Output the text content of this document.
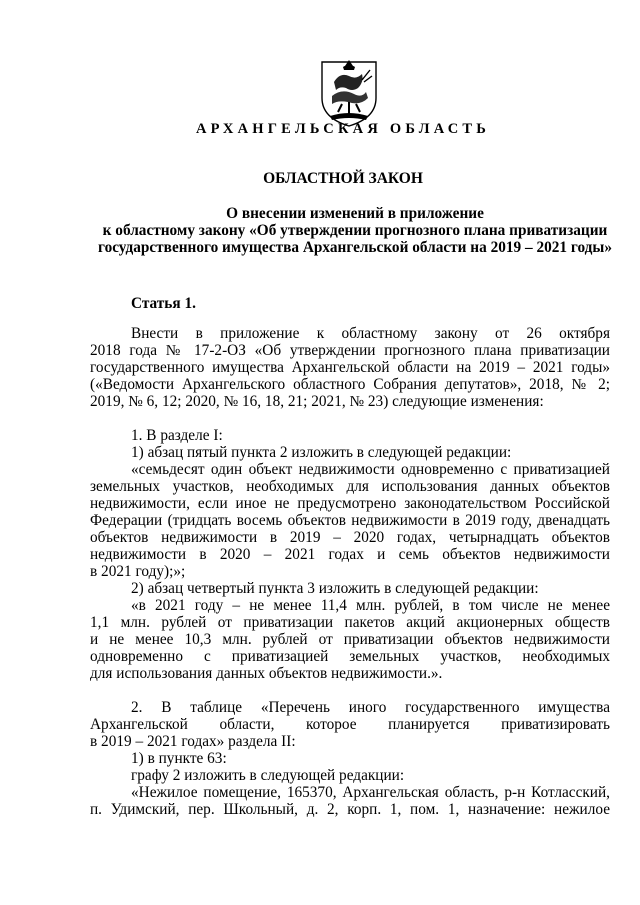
АРХАНГЕЛЬСКАЯ ОБЛАСТЬ
ОБЛАСТНОЙ ЗАКОН
О внесении изменений в приложение
к областному закону «Об утверждении прогнозного плана приватизации
государственного имущества Архангельской области на 2019 – 2021 годы»
Статья 1.
Внести в приложение к областному закону от 26 октября
2018 года № 17-2-ОЗ «Об утверждении прогнозного плана приватизации
государственного имущества Архангельской области на 2019 – 2021 годы»
(«Ведомости Архангельского областного Собрания депутатов», 2018, № 2;
2019, № 6, 12; 2020, № 16, 18, 21; 2021, № 23) следующие изменения:
1. В разделе I:
1) абзац пятый пункта 2 изложить в следующей редакции:
«семьдесят один объект недвижимости одновременно с приватизацией
земельных участков, необходимых для использования данных объектов
недвижимости, если иное не предусмотрено законодательством Российской
Федерации (тридцать восемь объектов недвижимости в 2019 году, двенадцать
объектов недвижимости в 2019 – 2020 годах, четырнадцать объектов
недвижимости в 2020 – 2021 годах и семь объектов недвижимости
в 2021 году);»;
2) абзац четвертый пункта 3 изложить в следующей редакции:
«в 2021 году – не менее 11,4 млн. рублей, в том числе не менее
1,1 млн. рублей от приватизации пакетов акций акционерных обществ
и не менее 10,3 млн. рублей от приватизации объектов недвижимости
одновременно с приватизацией земельных участков, необходимых
для использования данных объектов недвижимости.».
2. В таблице «Перечень иного государственного имущества
Архангельской области, которое планируется приватизировать
в 2019 – 2021 годах» раздела II:
1) в пункте 63:
графу 2 изложить в следующей редакции:
«Нежилое помещение, 165370, Архангельская область, р-н Котласский,
п. Удимский, пер. Школьный, д. 2, корп. 1, пом. 1, назначение: нежилое
